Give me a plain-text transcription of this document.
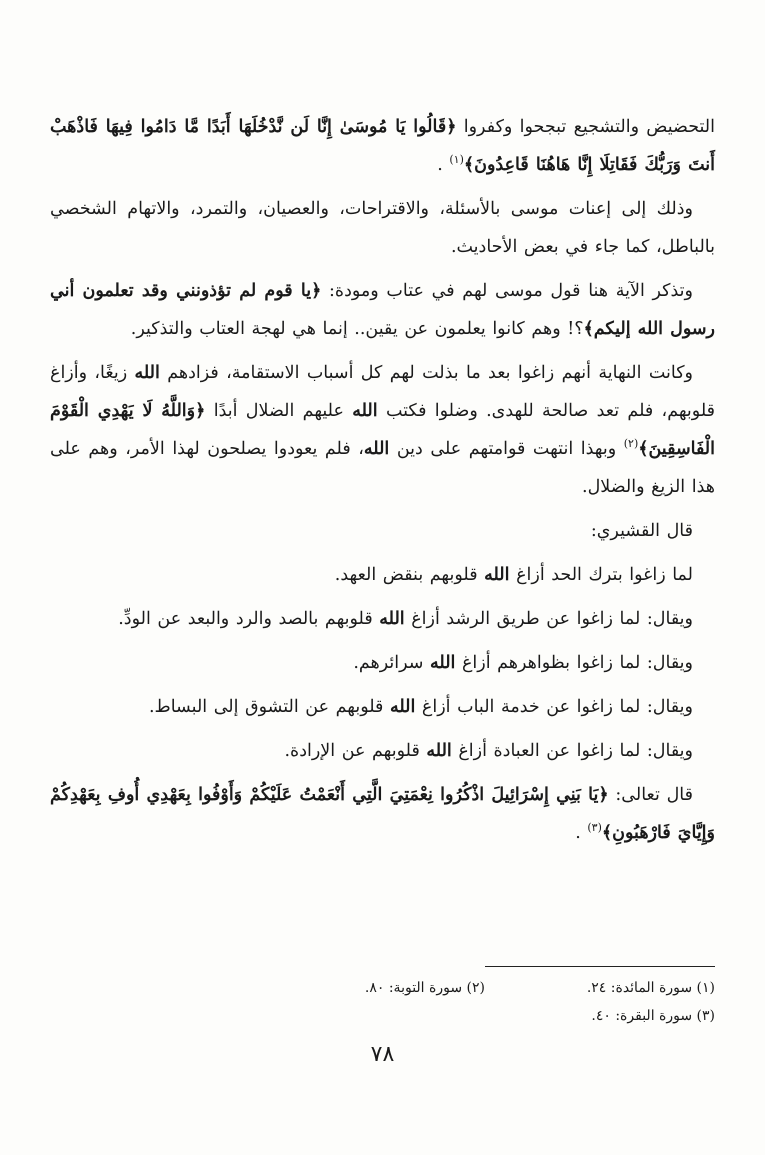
التحضيض والتشجيع تبجحوا وكفروا ﴿قَالُوا يَا مُوسَىٰ إِنَّا لَن نَّدْخُلَهَا أَبَدًا مَّا دَامُوا فِيهَا فَاذْهَبْ أَنتَ وَرَبُّكَ فَقَاتِلَا إِنَّا هَاهُنَا قَاعِدُونَ﴾$^{(١)}$ .

وذلك إلى إعنات موسى بالأسئلة، والاقتراحات، والعصيان، والتمرد، والاتهام الشخصي بالباطل، كما جاء في بعض الأحاديث.

وتذكر الآية هنا قول موسى لهم في عتاب ومودة: ﴿يا قوم لم تؤذونني وقد تعلمون أني رسول الله إليكم﴾؟! وهم كانوا يعلمون عن يقين.. إنما هي لهجة العتاب والتذكير.

وكانت النهاية أنهم زاغوا بعد ما بذلت لهم كل أسباب الاستقامة، فزادهم الله زيغًا، وأزاغ قلوبهم، فلم تعد صالحة للهدى. وضلوا فكتب الله عليهم الضلال أبدًا ﴿وَاللَّهُ لَا يَهْدِي الْقَوْمَ الْفَاسِقِينَ﴾$^{(٢)}$ وبهذا انتهت قوامتهم على دين الله، فلم يعودوا يصلحون لهذا الأمر، وهم على هذا الزيغ والضلال.

قال القشيري:

لما زاغوا بترك الحد أزاغ الله قلوبهم بنقض العهد.

ويقال: لما زاغوا عن طريق الرشد أزاغ الله قلوبهم بالصد والرد والبعد عن الودِّ.

ويقال: لما زاغوا بظواهرهم أزاغ الله سرائرهم.

ويقال: لما زاغوا عن خدمة الباب أزاغ الله قلوبهم عن التشوق إلى البساط.

ويقال: لما زاغوا عن العبادة أزاغ الله قلوبهم عن الإرادة.

قال تعالى: ﴿يَا بَنِي إِسْرَائِيلَ اذْكُرُوا نِعْمَتِيَ الَّتِي أَنْعَمْتُ عَلَيْكُمْ وَأَوْفُوا بِعَهْدِي أُوفِ بِعَهْدِكُمْ وَإِيَّايَ فَارْهَبُونِ﴾$^{(٣)}$ .

(١) سورة المائدة: ٢٤.
(٢) سورة التوبة: ٨٠.
(٣) سورة البقرة: ٤٠.
٧٨
